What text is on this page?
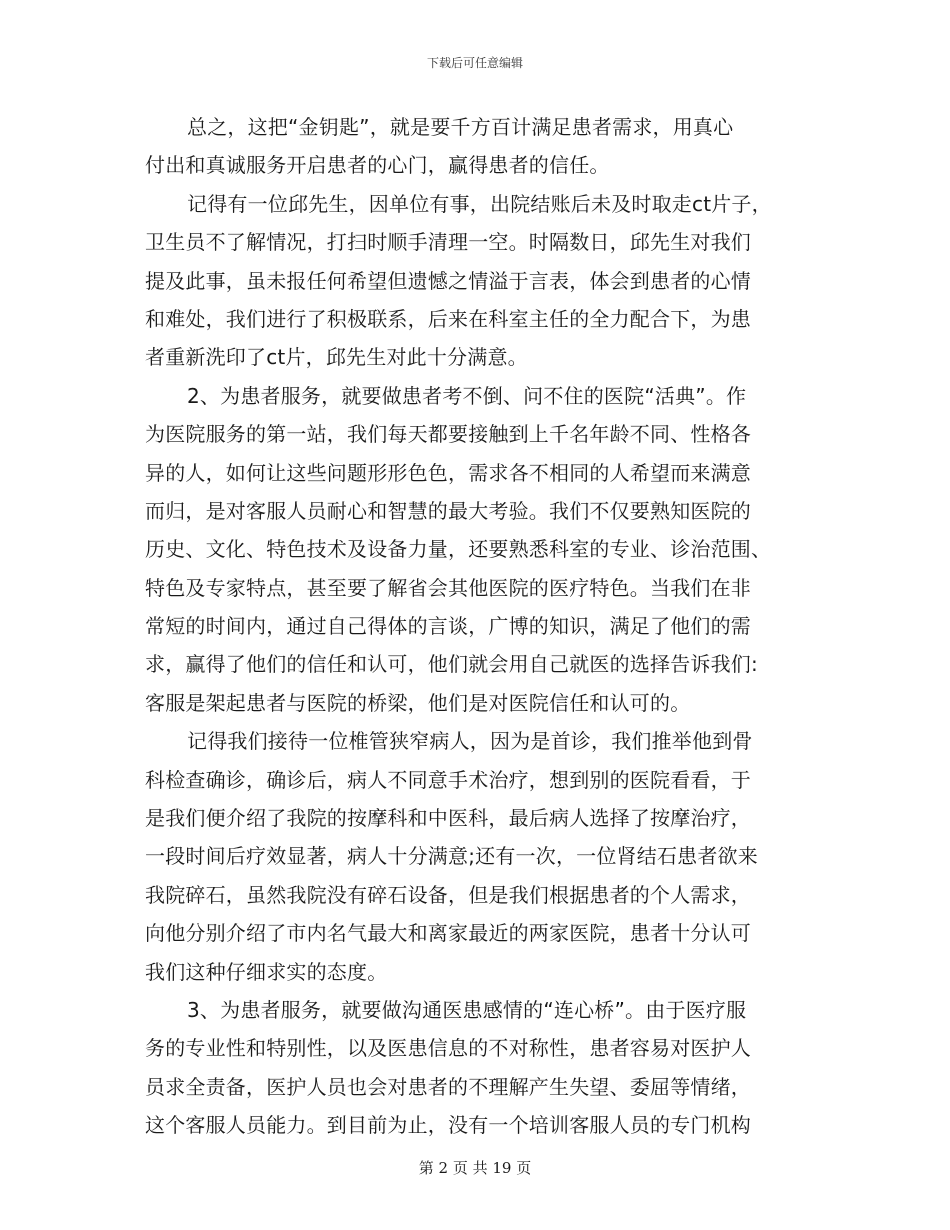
下载后可任意编辑
总之，这把“金钥匙”，就是要千方百计满足患者需求，用真心
付出和真诚服务开启患者的心门，赢得患者的信任。
记得有一位邱先生，因单位有事，出院结账后未及时取走ct片子，
卫生员不了解情况，打扫时顺手清理一空。时隔数日，邱先生对我们
提及此事，虽未报任何希望但遗憾之情溢于言表，体会到患者的心情
和难处，我们进行了积极联系，后来在科室主任的全力配合下，为患
者重新洗印了ct片，邱先生对此十分满意。
2、为患者服务，就要做患者考不倒、问不住的医院“活典”。作
为医院服务的第一站，我们每天都要接触到上千名年龄不同、性格各
异的人，如何让这些问题形形色色，需求各不相同的人希望而来满意
而归，是对客服人员耐心和智慧的最大考验。我们不仅要熟知医院的
历史、文化、特色技术及设备力量，还要熟悉科室的专业、诊治范围、
特色及专家特点，甚至要了解省会其他医院的医疗特色。当我们在非
常短的时间内，通过自己得体的言谈，广博的知识，满足了他们的需
求，赢得了他们的信任和认可，他们就会用自己就医的选择告诉我们:
客服是架起患者与医院的桥梁，他们是对医院信任和认可的。
记得我们接待一位椎管狭窄病人，因为是首诊，我们推举他到骨
科检查确诊，确诊后，病人不同意手术治疗，想到别的医院看看，于
是我们便介绍了我院的按摩科和中医科，最后病人选择了按摩治疗，
一段时间后疗效显著，病人十分满意;还有一次，一位肾结石患者欲来
我院碎石，虽然我院没有碎石设备，但是我们根据患者的个人需求，
向他分别介绍了市内名气最大和离家最近的两家医院，患者十分认可
我们这种仔细求实的态度。
3、为患者服务，就要做沟通医患感情的“连心桥”。由于医疗服
务的专业性和特别性，以及医患信息的不对称性，患者容易对医护人
员求全责备，医护人员也会对患者的不理解产生失望、委屈等情绪，
这个客服人员能力。到目前为止，没有一个培训客服人员的专门机构
第 2 页 共 19 页
